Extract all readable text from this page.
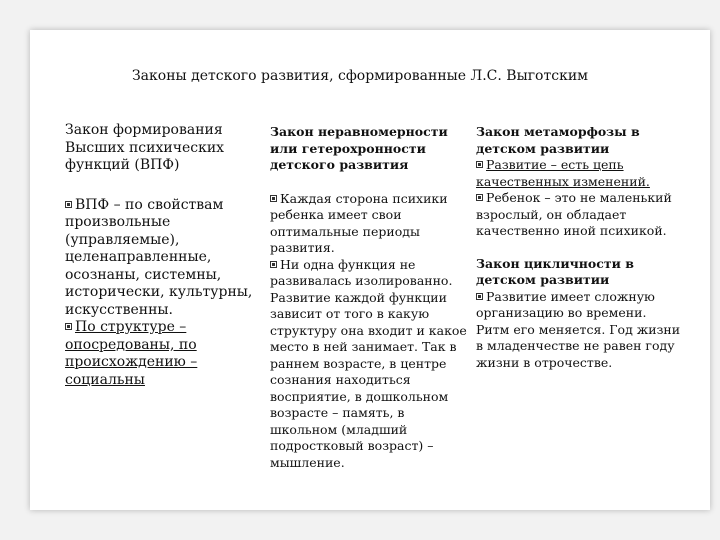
Законы детского развития, сформированные Л.С. Выготским

Закон формирования Высших психических функций (ВПФ)

ВПФ – по свойствам произвольные (управляемые), целенаправленные, осознаны, системны, исторически, культурны, искусственны.

По структуре – опосредованы, по происхождению – социальны

Закон неравномерности или гетерохронности детского развития

Каждая сторона психики ребенка имеет свои оптимальные периоды развития.

Ни одна функция не развивалась изолированно. Развитие каждой функции зависит от того в какую структуру она входит и какое место в ней занимает. Так в раннем возрасте, в центре сознания находиться восприятие, в дошкольном возрасте – память, в школьном (младший подростковый возраст) – мышление.

Закон метаморфозы в детском развитии

Развитие – есть цепь качественных изменений.

Ребенок – это не маленький взрослый, он обладает качественно иной психикой.

Закон цикличности в детском развитии

Развитие имеет сложную организацию во времени. Ритм его меняется. Год жизни в младенчестве не равен году жизни в отрочестве.
